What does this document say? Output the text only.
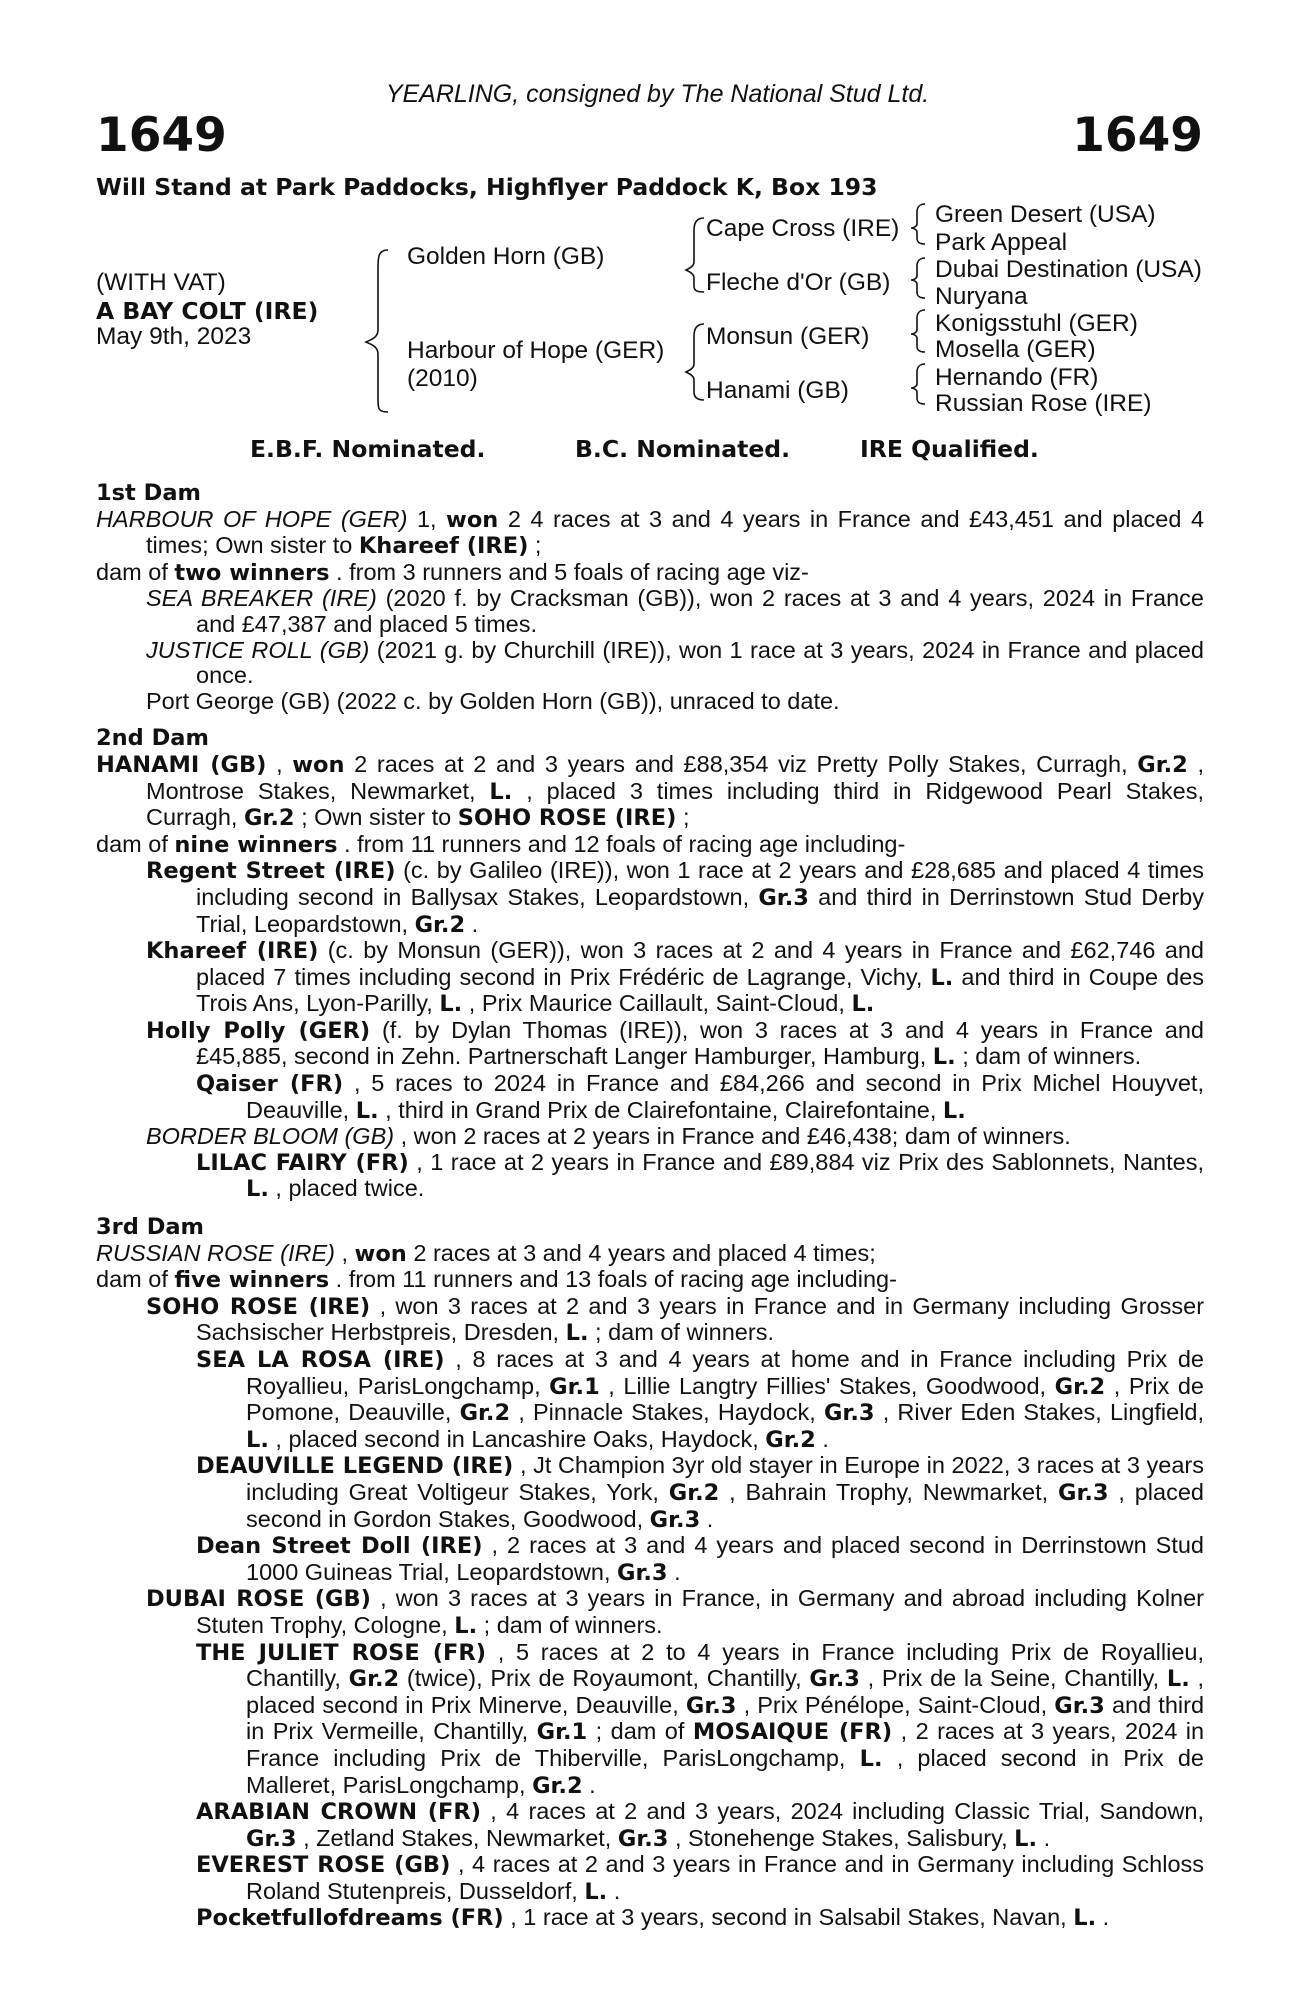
YEARLING, consigned by The National Stud Ltd.
1649	1649
Will Stand at Park Paddocks, Highflyer Paddock K, Box 193
(WITH VAT)
A BAY COLT (IRE)
May 9th, 2023
Golden Horn (GB)
Harbour of Hope (GER)
(2010)
Cape Cross (IRE)
Fleche d'Or (GB)
Monsun (GER)
Hanami (GB)
Green Desert (USA)
Park Appeal
Dubai Destination (USA)
Nuryana
Konigsstuhl (GER)
Mosella (GER)
Hernando (FR)
Russian Rose (IRE)
E.B.F. Nominated.	B.C. Nominated.	IRE Qualified.
1st Dam
HARBOUR OF HOPE (GER) 1, won 2 4 races at 3 and 4 years in France and £43,451 and placed 4 times; Own sister to Khareef (IRE) ;
dam of two winners . from 3 runners and 5 foals of racing age viz-
SEA BREAKER (IRE) (2020 f. by Cracksman (GB)), won 2 races at 3 and 4 years, 2024 in France and £47,387 and placed 5 times.
JUSTICE ROLL (GB) (2021 g. by Churchill (IRE)), won 1 race at 3 years, 2024 in France and placed once.
Port George (GB) (2022 c. by Golden Horn (GB)), unraced to date.
2nd Dam
HANAMI (GB) , won 2 races at 2 and 3 years and £88,354 viz Pretty Polly Stakes, Curragh, Gr.2 , Montrose Stakes, Newmarket, L. , placed 3 times including third in Ridgewood Pearl Stakes, Curragh, Gr.2 ; Own sister to SOHO ROSE (IRE) ;
dam of nine winners . from 11 runners and 12 foals of racing age including-
Regent Street (IRE) (c. by Galileo (IRE)), won 1 race at 2 years and £28,685 and placed 4 times including second in Ballysax Stakes, Leopardstown, Gr.3 and third in Derrinstown Stud Derby Trial, Leopardstown, Gr.2 .
Khareef (IRE) (c. by Monsun (GER)), won 3 races at 2 and 4 years in France and £62,746 and placed 7 times including second in Prix Frédéric de Lagrange, Vichy, L. and third in Coupe des Trois Ans, Lyon-Parilly, L. , Prix Maurice Caillault, Saint-Cloud, L.
Holly Polly (GER) (f. by Dylan Thomas (IRE)), won 3 races at 3 and 4 years in France and £45,885, second in Zehn. Partnerschaft Langer Hamburger, Hamburg, L. ; dam of winners.
Qaiser (FR) , 5 races to 2024 in France and £84,266 and second in Prix Michel Houyvet, Deauville, L. , third in Grand Prix de Clairefontaine, Clairefontaine, L.
BORDER BLOOM (GB) , won 2 races at 2 years in France and £46,438; dam of winners.
LILAC FAIRY (FR) , 1 race at 2 years in France and £89,884 viz Prix des Sablonnets, Nantes, L. , placed twice.
3rd Dam
RUSSIAN ROSE (IRE) , won 2 races at 3 and 4 years and placed 4 times;
dam of five winners . from 11 runners and 13 foals of racing age including-
SOHO ROSE (IRE) , won 3 races at 2 and 3 years in France and in Germany including Grosser Sachsischer Herbstpreis, Dresden, L. ; dam of winners.
SEA LA ROSA (IRE) , 8 races at 3 and 4 years at home and in France including Prix de Royallieu, ParisLongchamp, Gr.1 , Lillie Langtry Fillies' Stakes, Goodwood, Gr.2 , Prix de Pomone, Deauville, Gr.2 , Pinnacle Stakes, Haydock, Gr.3 , River Eden Stakes, Lingfield, L. , placed second in Lancashire Oaks, Haydock, Gr.2 .
DEAUVILLE LEGEND (IRE) , Jt Champion 3yr old stayer in Europe in 2022, 3 races at 3 years including Great Voltigeur Stakes, York, Gr.2 , Bahrain Trophy, Newmarket, Gr.3 , placed second in Gordon Stakes, Goodwood, Gr.3 .
Dean Street Doll (IRE) , 2 races at 3 and 4 years and placed second in Derrinstown Stud 1000 Guineas Trial, Leopardstown, Gr.3 .
DUBAI ROSE (GB) , won 3 races at 3 years in France, in Germany and abroad including Kolner Stuten Trophy, Cologne, L. ; dam of winners.
THE JULIET ROSE (FR) , 5 races at 2 to 4 years in France including Prix de Royallieu, Chantilly, Gr.2 (twice), Prix de Royaumont, Chantilly, Gr.3 , Prix de la Seine, Chantilly, L. , placed second in Prix Minerve, Deauville, Gr.3 , Prix Pénélope, Saint-Cloud, Gr.3 and third in Prix Vermeille, Chantilly, Gr.1 ; dam of MOSAIQUE (FR) , 2 races at 3 years, 2024 in France including Prix de Thiberville, ParisLongchamp, L. , placed second in Prix de Malleret, ParisLongchamp, Gr.2 .
ARABIAN CROWN (FR) , 4 races at 2 and 3 years, 2024 including Classic Trial, Sandown, Gr.3 , Zetland Stakes, Newmarket, Gr.3 , Stonehenge Stakes, Salisbury, L. .
EVEREST ROSE (GB) , 4 races at 2 and 3 years in France and in Germany including Schloss Roland Stutenpreis, Dusseldorf, L. .
Pocketfullofdreams (FR) , 1 race at 3 years, second in Salsabil Stakes, Navan, L. .
